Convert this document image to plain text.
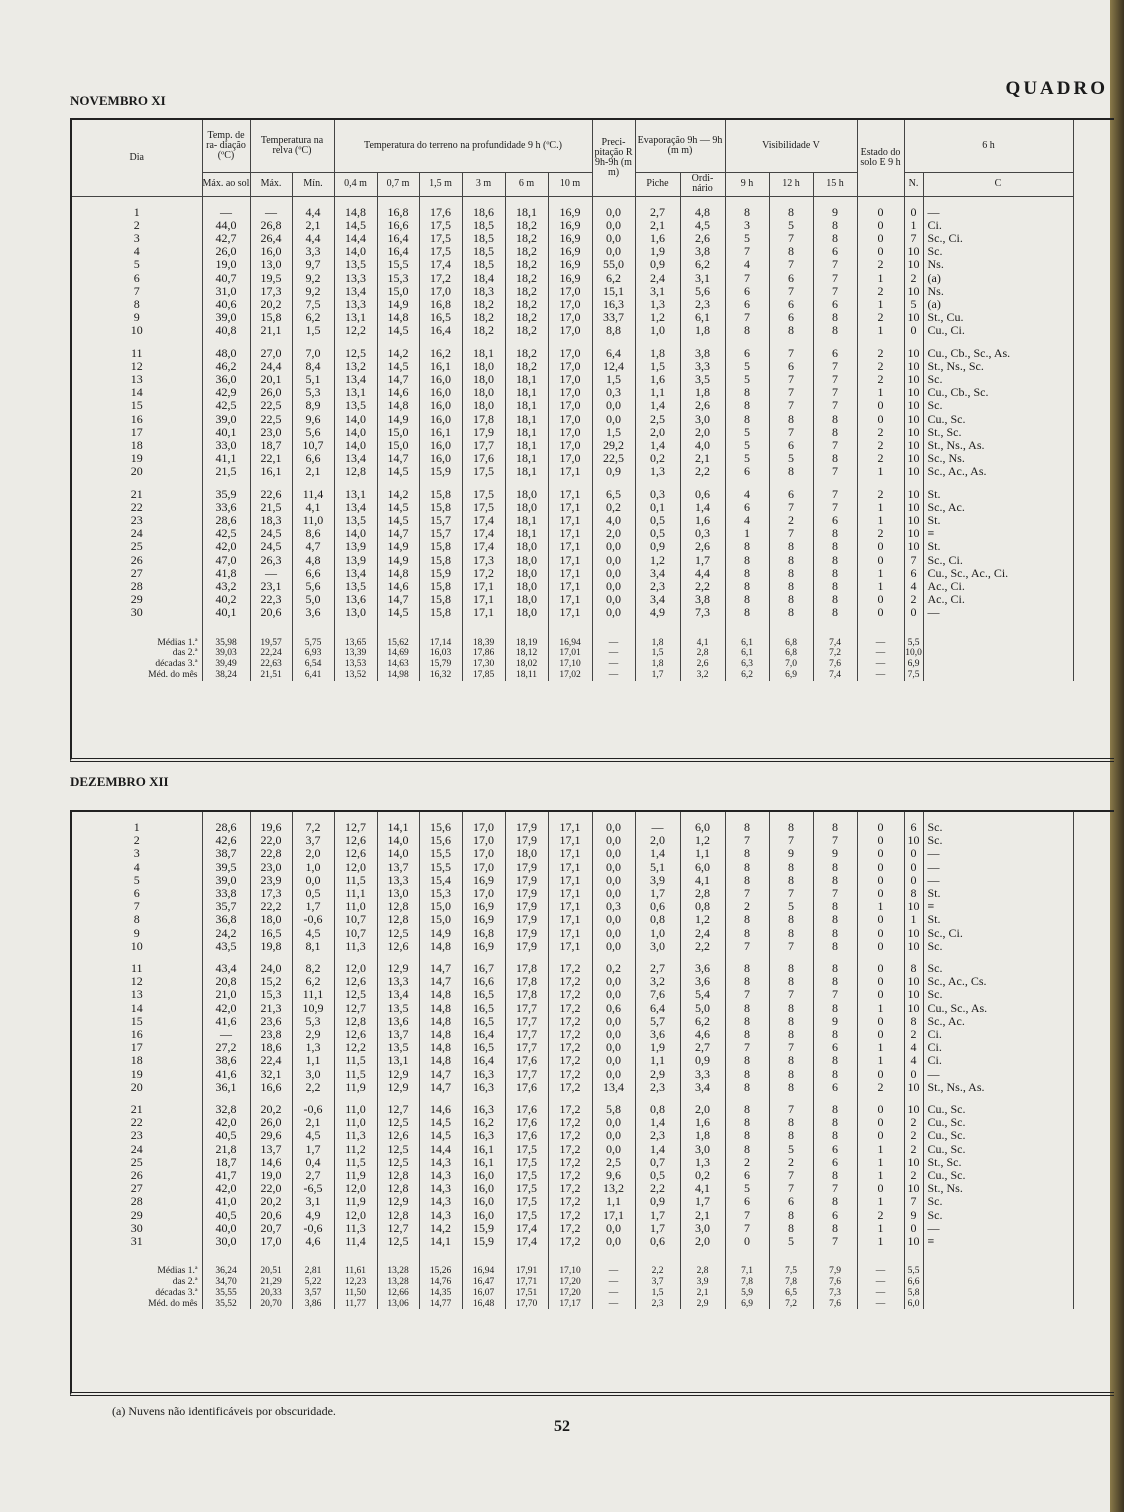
QUADRO
NOVEMBRO XI
Dia	Temp. de ra- diação (ºC)	Temperatura na relva (ºC)		Temperatura do terreno na profundidade 9 h (ºC.)						Preci- pitação R 9h-9h (m m)	Evaporação 9h — 9h (m m)		Visibilidade V			Estado do solo E 9 h	6 h	
	Máx. ao sol	Máx.	Mín.	0,4 m	0,7 m	1,5 m	3 m	6 m	10 m		Piche	Ordi- nário	9 h	12 h	15 h		N.	C

1	—	—	4,4	14,8	16,8	17,6	18,6	18,1	16,9	0,0	2,7	4,8	8	8	9	0	0	—
2	44,0	26,8	2,1	14,5	16,6	17,5	18,5	18,2	16,9	0,0	2,1	4,5	3	5	8	0	1	Ci.
3	42,7	26,4	4,4	14,4	16,4	17,5	18,5	18,2	16,9	0,0	1,6	2,6	5	7	8	0	7	Sc., Ci.
4	26,0	16,0	3,3	14,0	16,4	17,5	18,5	18,2	16,9	0,0	1,9	3,8	7	8	6	0	10	Sc.
5	19,0	13,0	9,7	13,5	15,5	17,4	18,5	18,2	16,9	55,0	0,9	6,2	4	7	7	2	10	Ns.
6	40,7	19,5	9,2	13,3	15,3	17,2	18,4	18,2	16,9	6,2	2,4	3,1	7	6	7	1	2	(a)
7	31,0	17,3	9,2	13,4	15,0	17,0	18,3	18,2	17,0	15,1	3,1	5,6	6	7	7	2	10	Ns.
8	40,6	20,2	7,5	13,3	14,9	16,8	18,2	18,2	17,0	16,3	1,3	2,3	6	6	6	1	5	(a)
9	39,0	15,8	6,2	13,1	14,8	16,5	18,2	18,2	17,0	33,7	1,2	6,1	7	6	8	2	10	St., Cu.
10	40,8	21,1	1,5	12,2	14,5	16,4	18,2	18,2	17,0	8,8	1,0	1,8	8	8	8	1	0	Cu., Ci.

11	48,0	27,0	7,0	12,5	14,2	16,2	18,1	18,2	17,0	6,4	1,8	3,8	6	7	6	2	10	Cu., Cb., Sc., As.
12	46,2	24,4	8,4	13,2	14,5	16,1	18,0	18,2	17,0	12,4	1,5	3,3	5	6	7	2	10	St., Ns., Sc.
13	36,0	20,1	5,1	13,4	14,7	16,0	18,0	18,1	17,0	1,5	1,6	3,5	5	7	7	2	10	Sc.
14	42,9	26,0	5,3	13,1	14,6	16,0	18,0	18,1	17,0	0,3	1,1	1,8	8	7	7	1	10	Cu., Cb., Sc.
15	42,5	22,5	8,9	13,5	14,8	16,0	18,0	18,1	17,0	0,0	1,4	2,6	8	7	7	0	10	Sc.
16	39,0	22,5	9,6	14,0	14,9	16,0	17,8	18,1	17,0	0,0	2,5	3,0	8	8	8	0	10	Cu., Sc.
17	40,1	23,0	5,6	14,0	15,0	16,1	17,9	18,1	17,0	1,5	2,0	2,0	5	7	8	2	10	St., Sc.
18	33,0	18,7	10,7	14,0	15,0	16,0	17,7	18,1	17,0	29,2	1,4	4,0	5	6	7	2	10	St., Ns., As.
19	41,1	22,1	6,6	13,4	14,7	16,0	17,6	18,1	17,0	22,5	0,2	2,1	5	5	8	2	10	Sc., Ns.
20	21,5	16,1	2,1	12,8	14,5	15,9	17,5	18,1	17,1	0,9	1,3	2,2	6	8	7	1	10	Sc., Ac., As.

21	35,9	22,6	11,4	13,1	14,2	15,8	17,5	18,0	17,1	6,5	0,3	0,6	4	6	7	2	10	St.
22	33,6	21,5	4,1	13,4	14,5	15,8	17,5	18,0	17,1	0,2	0,1	1,4	6	7	7	1	10	Sc., Ac.
23	28,6	18,3	11,0	13,5	14,5	15,7	17,4	18,1	17,1	4,0	0,5	1,6	4	2	6	1	10	St.
24	42,5	24,5	8,6	14,0	14,7	15,7	17,4	18,1	17,1	2,0	0,5	0,3	1	7	8	2	10	≡
25	42,0	24,5	4,7	13,9	14,9	15,8	17,4	18,0	17,1	0,0	0,9	2,6	8	8	8	0	10	St.
26	47,0	26,3	4,8	13,9	14,9	15,8	17,3	18,0	17,1	0,0	1,2	1,7	8	8	8	0	7	Sc., Ci.
27	41,8	—	6,6	13,4	14,8	15,9	17,2	18,0	17,1	0,0	3,4	4,4	8	8	8	1	6	Cu., Sc., Ac., Ci.
28	43,2	23,1	5,6	13,5	14,6	15,8	17,1	18,0	17,1	0,0	2,3	2,2	8	8	8	1	4	Ac., Ci.
29	40,2	22,3	5,0	13,6	14,7	15,8	17,1	18,0	17,1	0,0	3,4	3,8	8	8	8	0	2	Ac., Ci.
30	40,1	20,6	3,6	13,0	14,5	15,8	17,1	18,0	17,1	0,0	4,9	7,3	8	8	8	0	0	—

Médias 1.ª	35,98	19,57	5,75	13,65	15,62	17,14	18,39	18,19	16,94	—	1,8	4,1	6,1	6,8	7,4	—	5,5	
das 2.ª	39,03	22,24	6,93	13,39	14,69	16,03	17,86	18,12	17,01	—	1,5	2,8	6,1	6,8	7,2	—	10,0	
décadas 3.ª	39,49	22,63	6,54	13,53	14,63	15,79	17,30	18,02	17,10	—	1,8	2,6	6,3	7,0	7,6	—	6,9	
Méd. do mês	38,24	21,51	6,41	13,52	14,98	16,32	17,85	18,11	17,02	—	1,7	3,2	6,2	6,9	7,4	—	7,5	
DEZEMBRO XII

1	28,6	19,6	7,2	12,7	14,1	15,6	17,0	17,9	17,1	0,0	—	6,0	8	8	8	0	6	Sc.
2	42,6	22,0	3,7	12,6	14,0	15,6	17,0	17,9	17,1	0,0	2,0	1,2	7	7	7	0	10	Sc.
3	38,7	22,8	2,0	12,6	14,0	15,5	17,0	18,0	17,1	0,0	1,4	1,1	8	9	9	0	0	—
4	39,5	23,0	1,0	12,0	13,7	15,5	17,0	17,9	17,1	0,0	5,1	6,0	8	8	8	0	0	—
5	39,0	23,9	0,0	11,5	13,3	15,4	16,9	17,9	17,1	0,0	3,9	4,1	8	8	8	0	0	—
6	33,8	17,3	0,5	11,1	13,0	15,3	17,0	17,9	17,1	0,0	1,7	2,8	7	7	7	0	8	St.
7	35,7	22,2	1,7	11,0	12,8	15,0	16,9	17,9	17,1	0,3	0,6	0,8	2	5	8	1	10	≡
8	36,8	18,0	-0,6	10,7	12,8	15,0	16,9	17,9	17,1	0,0	0,8	1,2	8	8	8	0	1	St.
9	24,2	16,5	4,5	10,7	12,5	14,9	16,8	17,9	17,1	0,0	1,0	2,4	8	8	8	0	10	Sc., Ci.
10	43,5	19,8	8,1	11,3	12,6	14,8	16,9	17,9	17,1	0,0	3,0	2,2	7	7	8	0	10	Sc.

11	43,4	24,0	8,2	12,0	12,9	14,7	16,7	17,8	17,2	0,2	2,7	3,6	8	8	8	0	8	Sc.
12	20,8	15,2	6,2	12,6	13,3	14,7	16,6	17,8	17,2	0,0	3,2	3,6	8	8	8	0	10	Sc., Ac., Cs.
13	21,0	15,3	11,1	12,5	13,4	14,8	16,5	17,8	17,2	0,0	7,6	5,4	7	7	7	0	10	Sc.
14	42,0	21,3	10,9	12,7	13,5	14,8	16,5	17,7	17,2	0,6	6,4	5,0	8	8	8	1	10	Cu., Sc., As.
15	41,6	23,6	5,3	12,8	13,6	14,8	16,5	17,7	17,2	0,0	5,7	6,2	8	8	9	0	8	Sc., Ac.
16	—	23,8	2,9	12,6	13,7	14,8	16,4	17,7	17,2	0,0	3,6	4,6	8	8	8	0	2	Ci.
17	27,2	18,6	1,3	12,2	13,5	14,8	16,5	17,7	17,2	0,0	1,9	2,7	7	7	6	1	4	Ci.
18	38,6	22,4	1,1	11,5	13,1	14,8	16,4	17,6	17,2	0,0	1,1	0,9	8	8	8	1	4	Ci.
19	41,6	32,1	3,0	11,5	12,9	14,7	16,3	17,7	17,2	0,0	2,9	3,3	8	8	8	0	0	—
20	36,1	16,6	2,2	11,9	12,9	14,7	16,3	17,6	17,2	13,4	2,3	3,4	8	8	6	2	10	St., Ns., As.

21	32,8	20,2	-0,6	11,0	12,7	14,6	16,3	17,6	17,2	5,8	0,8	2,0	8	7	8	0	10	Cu., Sc.
22	42,0	26,0	2,1	11,0	12,5	14,5	16,2	17,6	17,2	0,0	1,4	1,6	8	8	8	0	2	Cu., Sc.
23	40,5	29,6	4,5	11,3	12,6	14,5	16,3	17,6	17,2	0,0	2,3	1,8	8	8	8	0	2	Cu., Sc.
24	21,8	13,7	1,7	11,2	12,5	14,4	16,1	17,5	17,2	0,0	1,4	3,0	8	5	6	1	2	Cu., Sc.
25	18,7	14,6	0,4	11,5	12,5	14,3	16,1	17,5	17,2	2,5	0,7	1,3	2	2	6	1	10	St., Sc.
26	41,7	19,0	2,7	11,9	12,8	14,3	16,0	17,5	17,2	9,6	0,5	0,2	6	7	8	1	2	Cu., Sc.
27	42,0	22,0	-6,5	12,0	12,8	14,3	16,0	17,5	17,2	13,2	2,2	4,1	5	7	7	0	10	St., Ns.
28	41,0	20,2	3,1	11,9	12,9	14,3	16,0	17,5	17,2	1,1	0,9	1,7	6	6	8	1	7	Sc.
29	40,5	20,6	4,9	12,0	12,8	14,3	16,0	17,5	17,2	17,1	1,7	2,1	7	8	6	2	9	Sc.
30	40,0	20,7	-0,6	11,3	12,7	14,2	15,9	17,4	17,2	0,0	1,7	3,0	7	8	8	1	0	—
31	30,0	17,0	4,6	11,4	12,5	14,1	15,9	17,4	17,2	0,0	0,6	2,0	0	5	7	1	10	≡

Médias 1.ª	36,24	20,51	2,81	11,61	13,28	15,26	16,94	17,91	17,10	—	2,2	2,8	7,1	7,5	7,9	—	5,5	
das 2.ª	34,70	21,29	5,22	12,23	13,28	14,76	16,47	17,71	17,20	—	3,7	3,9	7,8	7,8	7,6	—	6,6	
décadas 3.ª	35,55	20,33	3,57	11,50	12,66	14,35	16,07	17,51	17,20	—	1,5	2,1	5,9	6,5	7,3	—	5,8	
Méd. do mês	35,52	20,70	3,86	11,77	13,06	14,77	16,48	17,70	17,17	—	2,3	2,9	6,9	7,2	7,6	—	6,0	
(a) Nuvens não identificáveis por obscuridade.
52
